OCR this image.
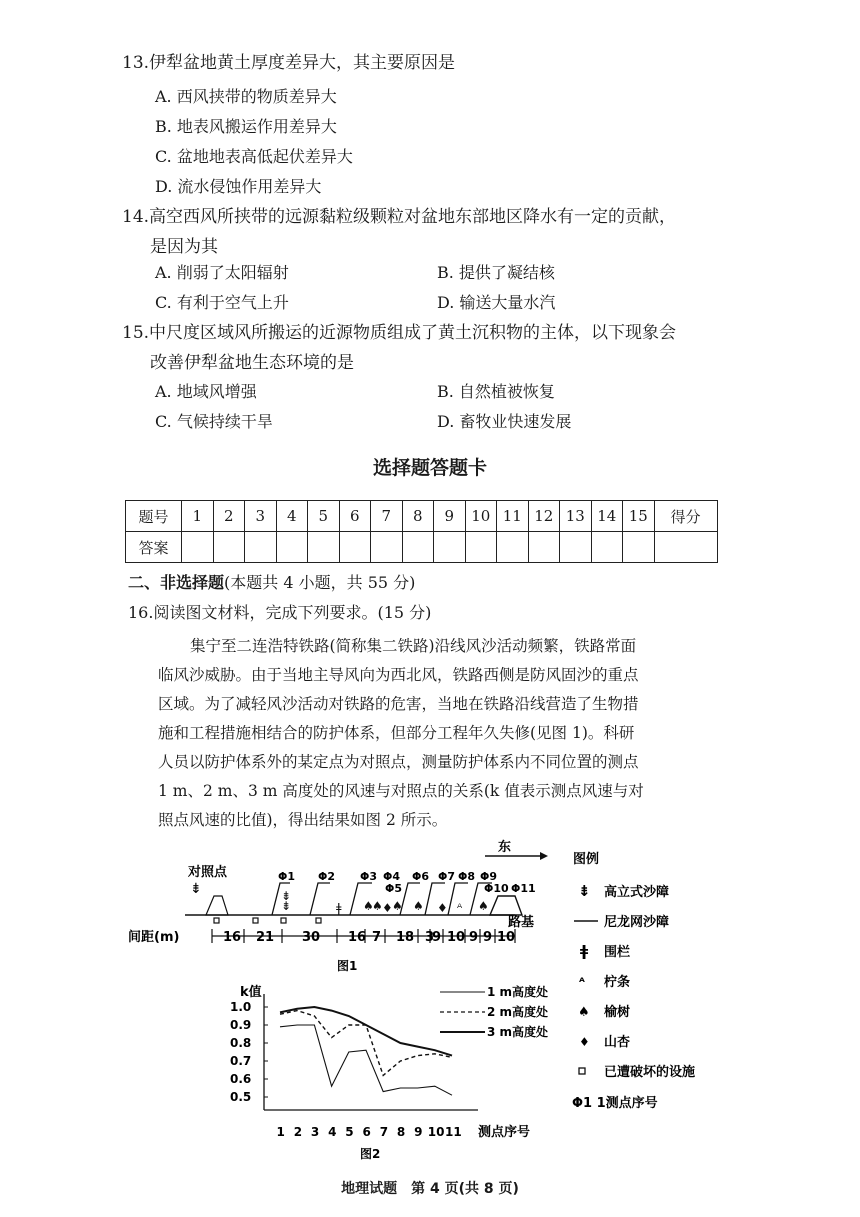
13.伊犁盆地黄土厚度差异大，其主要原因是
A. 西风挟带的物质差异大
B. 地表风搬运作用差异大
C. 盆地地表高低起伏差异大
D. 流水侵蚀作用差异大
14.高空西风所挟带的远源黏粒级颗粒对盆地东部地区降水有一定的贡献，
是因为其
A. 削弱了太阳辐射	B. 提供了凝结核
C. 有利于空气上升	D. 输送大量水汽
15.中尺度区域风所搬运的近源物质组成了黄土沉积物的主体，以下现象会
改善伊犁盆地生态环境的是
A. 地域风增强	B. 自然植被恢复
C. 气候持续干旱	D. 畜牧业快速发展
选择题答题卡
题号	1	2	3	4	5	6	7	8	9	10	11	12	13	14	15	得分
答案																
二、非选择题(本题共 4 小题，共 55 分)
16.阅读图文材料，完成下列要求。(15 分)
集宁至二连浩特铁路(简称集二铁路)沿线风沙活动频繁，铁路常面
临风沙威胁。由于当地主导风向为西北风，铁路西侧是防风固沙的重点
区域。为了减轻风沙活动对铁路的危害，当地在铁路沿线营造了生物措
施和工程措施相结合的防护体系，但部分工程年久失修(见图 1)。科研
人员以防护体系外的某定点为对照点，测量防护体系内不同位置的测点
1 m、2 m、3 m 高度处的风速与对照点的关系(k 值表示测点风速与对
照点风速的比值)，得出结果如图 2 所示。
东
对照点
路基
⇟
Φ1 Φ2 Φ3 Φ4
Φ5
Φ6 Φ7 Φ8 Φ9
Φ10 Φ11
⇟
⇟
ǂ ♠
♠ ♦ ♠ ♠ ♦ ᴬ ♠
间距(m)	16 21 30 16 7 18 3
9 10 9 9 10
图1
图例
⇟ 高立式沙障
尼龙网沙障
ǂ 围栏
ᴬ 柠条
♠ 榆树
♦ 山杏
已遭破坏的设施
Φ1 1测点序号
k值
0.5
0.6
0.7
0.8
0.9
1.0
1 2 3 4 5 6 7 8 9 10 11 测点序号
1 m高度处
2 m高度处
3 m高度处
图2
地理试题　第 4 页(共 8 页)
